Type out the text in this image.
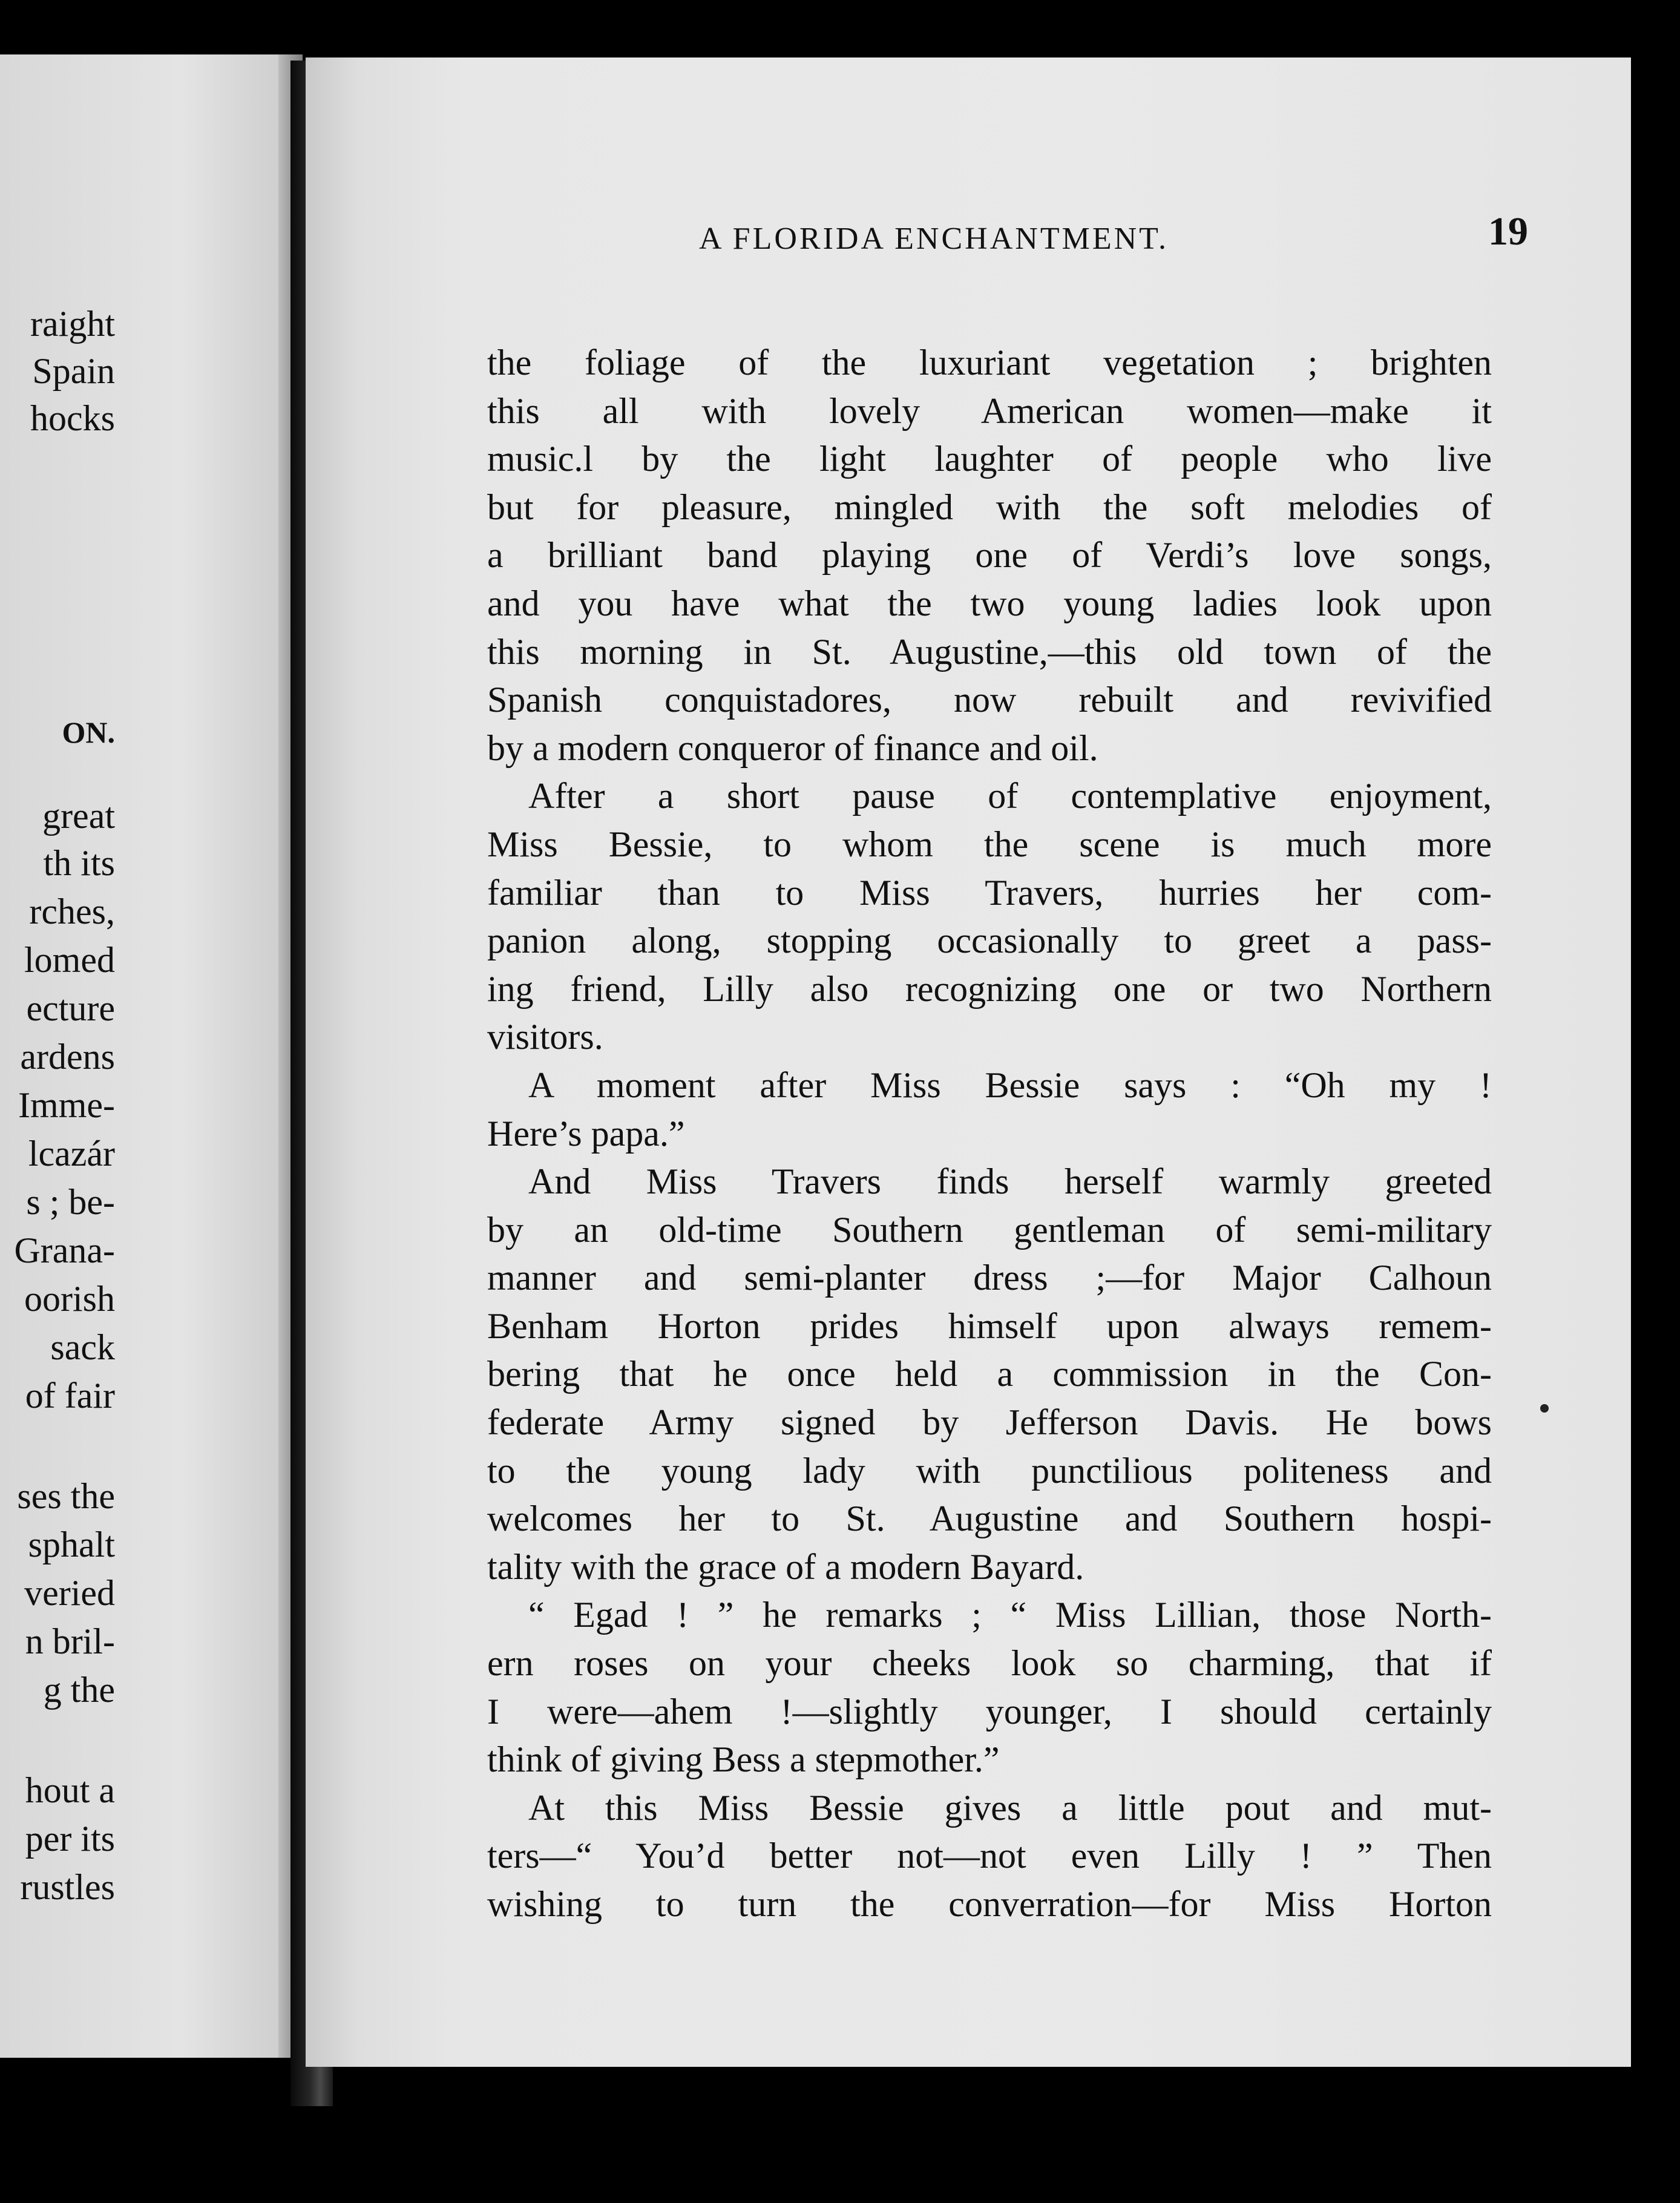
raight
Spain
hocks
ON.
great
th its
rches,
lomed
ecture
ardens
Imme-
lcazár
s ; be-
Grana-
oorish
sack
of fair
ses the
sphalt
veried
n bril-
g the
hout a
per its
rustles
A FLORIDA ENCHANTMENT.	19
the foliage of the luxuriant vegetation ; brighten
this all with lovely American women—make it
music.l by the light laughter of people who live
but for pleasure, mingled with the soft melodies of
a brilliant band playing one of Verdi’s love songs,
and you have what the two young ladies look upon
this morning in St. Augustine,—this old town of the
Spanish conquistadores, now rebuilt and revivified
by a modern conqueror of finance and oil.
After a short pause of contemplative enjoyment,
Miss Bessie, to whom the scene is much more
familiar than to Miss Travers, hurries her com-
panion along, stopping occasionally to greet a pass-
ing friend, Lilly also recognizing one or two Northern
visitors.
A moment after Miss Bessie says : “Oh my !
Here’s papa.”
And Miss Travers finds herself warmly greeted
by an old-time Southern gentleman of semi-military
manner and semi-planter dress ;—for Major Calhoun
Benham Horton prides himself upon always remem-
bering that he once held a commission in the Con-
federate Army signed by Jefferson Davis. He bows
to the young lady with punctilious politeness and
welcomes her to St. Augustine and Southern hospi-
tality with the grace of a modern Bayard.
“ Egad ! ” he remarks ; “ Miss Lillian, those North-
ern roses on your cheeks look so charming, that if
I were—ahem !—slightly younger, I should certainly
think of giving Bess a stepmother.”
At this Miss Bessie gives a little pout and mut-
ters—“ You’d better not—not even Lilly ! ” Then
wishing to turn the converration—for Miss Horton
